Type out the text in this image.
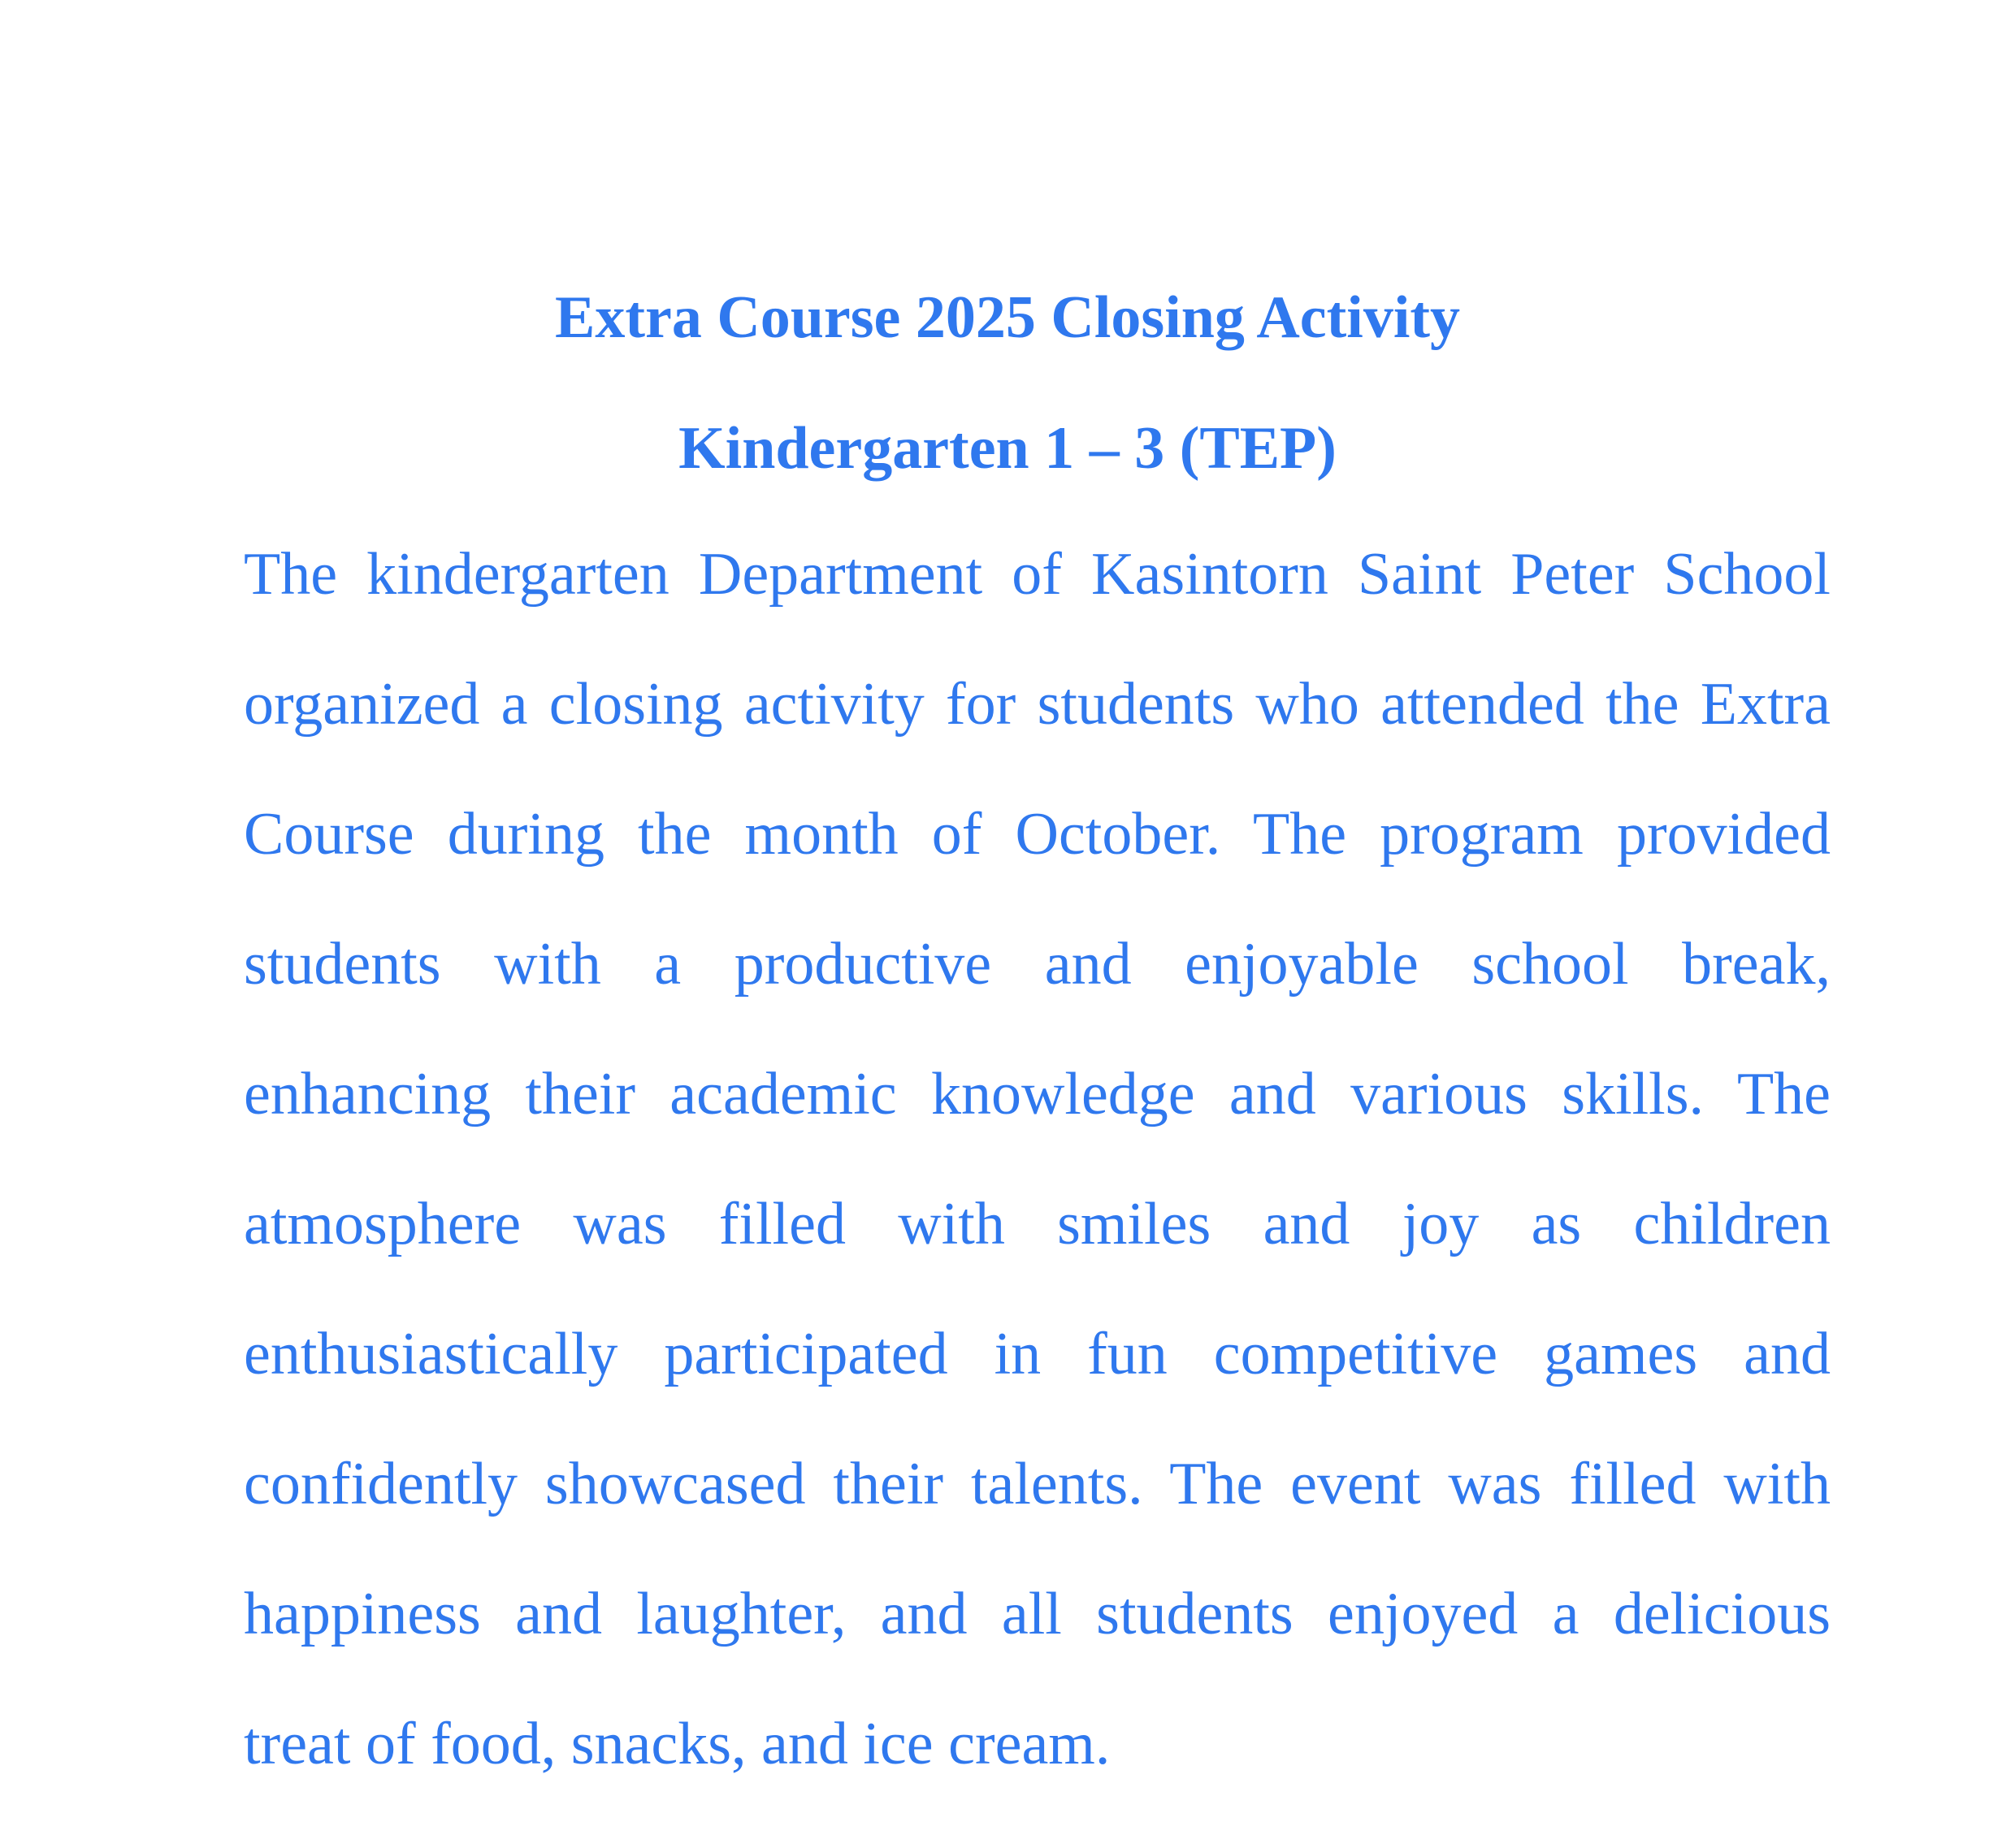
Extra Course 2025 Closing Activity
Kindergarten 1 – 3 (TEP)
The kindergarten Department of Kasintorn Saint Peter School
organized a closing activity for students who attended the Extra
Course during the month of October. The program provided
students with a productive and enjoyable school break,
enhancing their academic knowledge and various skills. The
atmosphere was filled with smiles and joy as children
enthusiastically participated in fun competitive games and
confidently showcased their talents. The event was filled with
happiness and laughter, and all students enjoyed a delicious
treat of food, snacks, and ice cream.
